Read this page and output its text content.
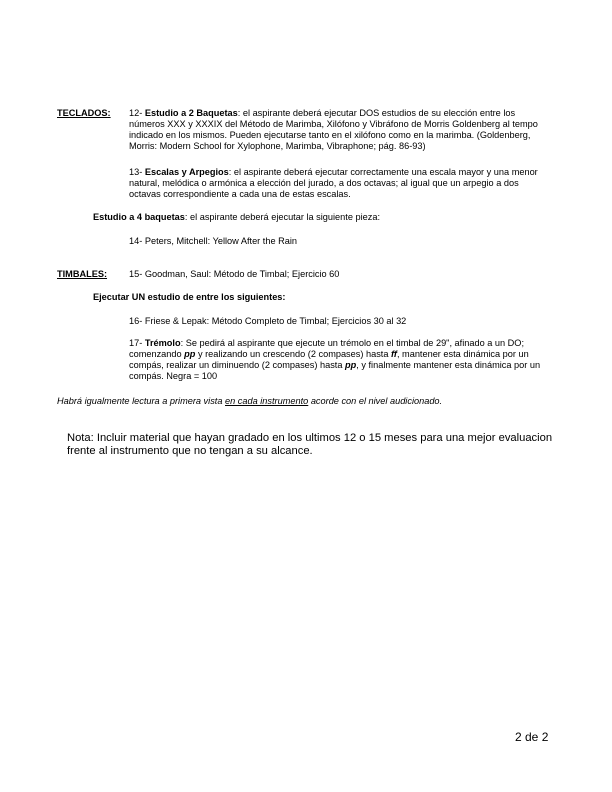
TECLADOS: 12- Estudio a 2 Baquetas: el aspirante deberá ejecutar DOS estudios de su elección entre los números XXX y XXXIX del Método de Marimba, Xilófono y Vibráfono de Morris Goldenberg al tempo indicado en los mismos. Pueden ejecutarse tanto en el xilófono como en la marimba. (Goldenberg, Morris: Modern School for Xylophone, Marimba, Vibraphone; pág. 86-93)
13- Escalas y Arpegios: el aspirante deberá ejecutar correctamente una escala mayor y una menor natural, melódica o armónica a elección del jurado, a dos octavas; al igual que un arpegio a dos octavas correspondiente a cada una de estas escalas.
Estudio a 4 baquetas: el aspirante deberá ejecutar la siguiente pieza:
14- Peters, Mitchell: Yellow After the Rain
TIMBALES: 15- Goodman, Saul: Método de Timbal; Ejercicio 60
Ejecutar UN estudio de entre los siguientes:
16- Friese & Lepak: Método Completo de Timbal; Ejercicios 30 al 32
17- Trémolo: Se pedirá al aspirante que ejecute un trémolo en el timbal de 29", afinado a un DO; comenzando pp y realizando un crescendo (2 compases) hasta ff, mantener esta dinámica por un compás, realizar un diminuendo (2 compases) hasta pp, y finalmente mantener esta dinámica por un compás. Negra = 100
Habrá igualmente lectura a primera vista en cada instrumento acorde con el nivel audicionado.
Nota: Incluir material que hayan gradado en los ultimos 12 o 15 meses para una mejor evaluacion frente al instrumento que no tengan a su alcance.
2 de 2
